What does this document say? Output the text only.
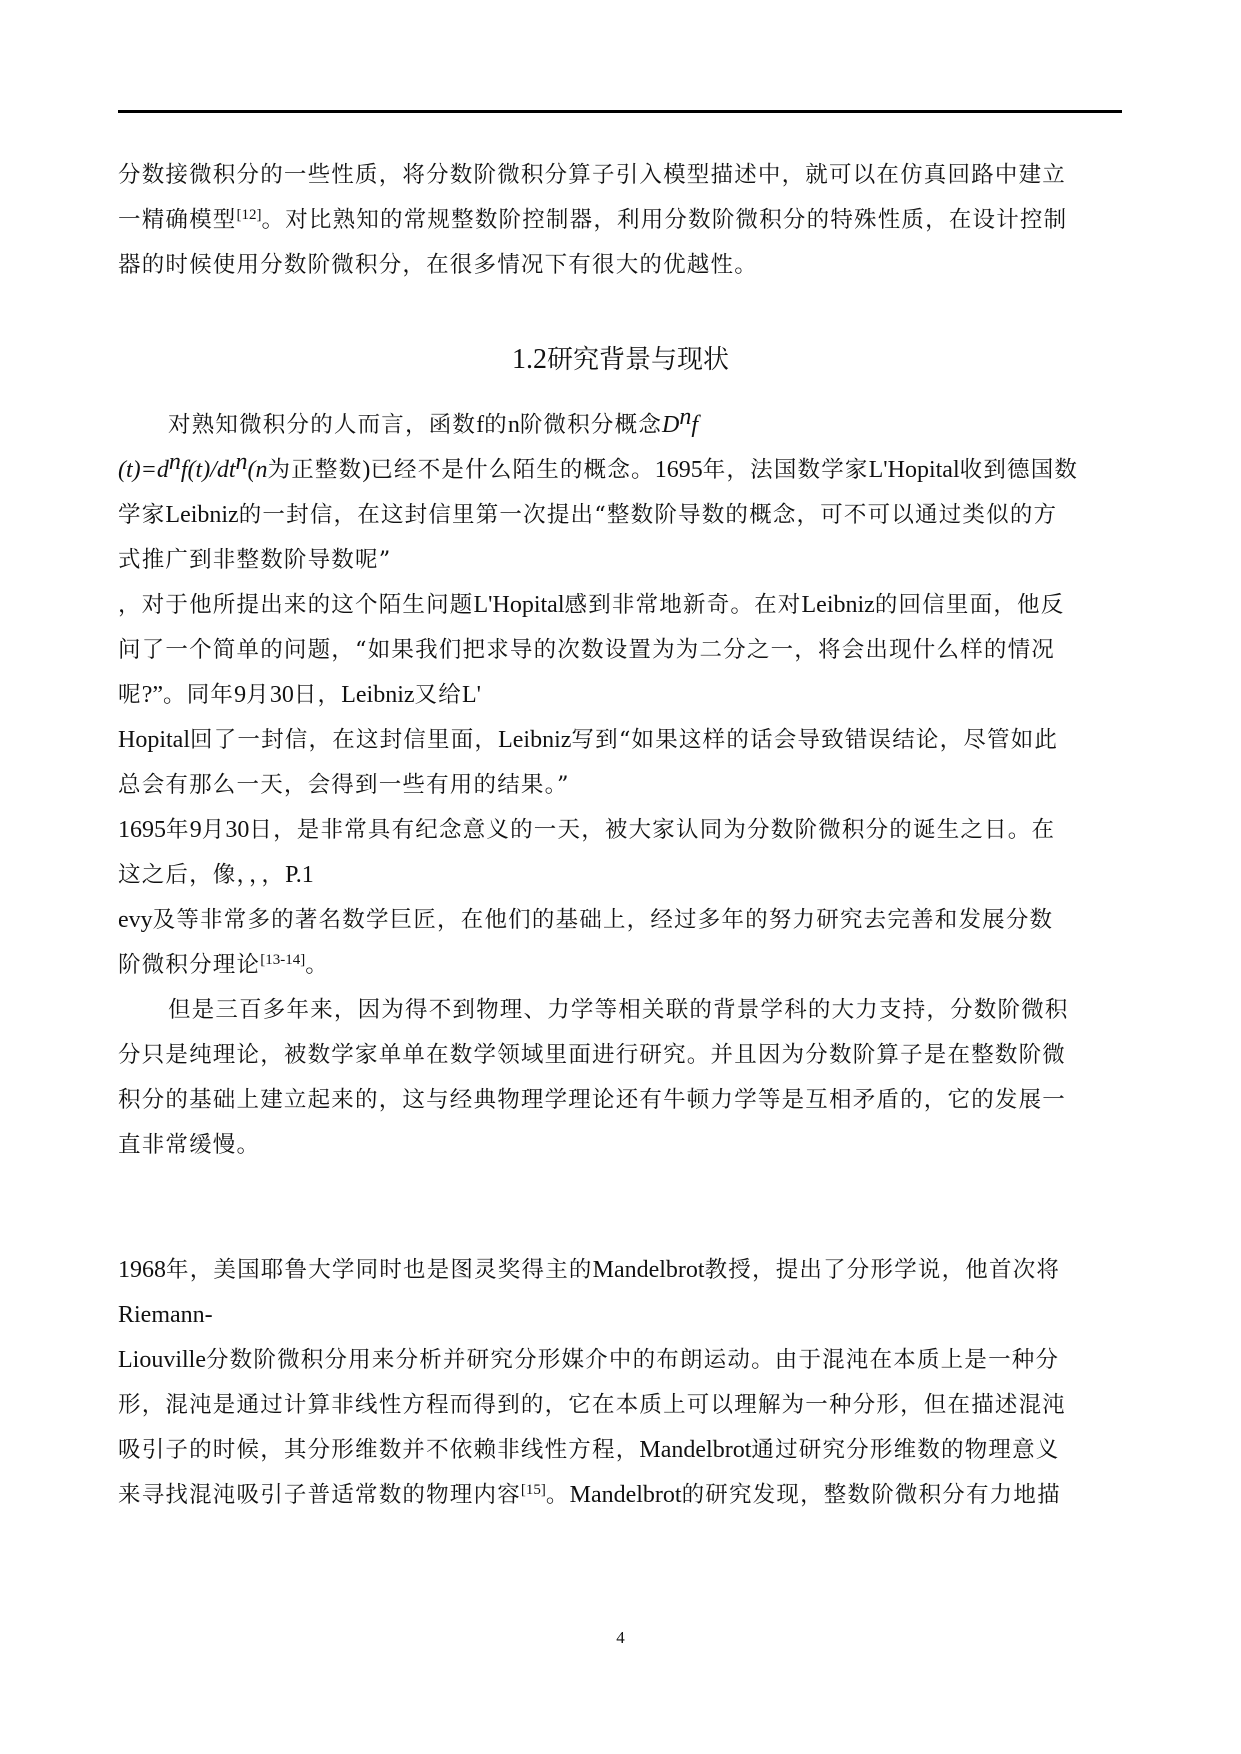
分数接微积分的一些性质，将分数阶微积分算子引入模型描述中，就可以在仿真回路中建立
一精确模型[12]。对比熟知的常规整数阶控制器，利用分数阶微积分的特殊性质，在设计控制
器的时候使用分数阶微积分，在很多情况下有很大的优越性。
1.2研究背景与现状
对熟知微积分的人而言，函数f的n阶微积分概念$D^nf$
$(t)=d^nf(t)/dt^n(n$为正整数)已经不是什么陌生的概念。1695年，法国数学家L'Hopital收到德国数
学家Leibniz的一封信，在这封信里第一次提出“整数阶导数的概念，可不可以通过类似的方
式推广到非整数阶导数呢”
，对于他所提出来的这个陌生问题L'Hopital感到非常地新奇。在对Leibniz的回信里面，他反
问了一个简单的问题，“如果我们把求导的次数设置为为二分之一，将会出现什么样的情况
呢?”。同年9月30日，Leibniz又给L'
Hopital回了一封信，在这封信里面，Leibniz写到“如果这样的话会导致错误结论，尽管如此
总会有那么一天，会得到一些有用的结果。”
1695年9月30日，是非常具有纪念意义的一天，被大家认同为分数阶微积分的诞生之日。在
这之后，像，，，P.1
evy及等非常多的著名数学巨匠，在他们的基础上，经过多年的努力研究去完善和发展分数
阶微积分理论[13-14]。
但是三百多年来，因为得不到物理、力学等相关联的背景学科的大力支持，分数阶微积
分只是纯理论，被数学家单单在数学领域里面进行研究。并且因为分数阶算子是在整数阶微
积分的基础上建立起来的，这与经典物理学理论还有牛顿力学等是互相矛盾的，它的发展一
直非常缓慢。
1968年，美国耶鲁大学同时也是图灵奖得主的Mandelbrot教授，提出了分形学说，他首次将
Riemann-
Liouville分数阶微积分用来分析并研究分形媒介中的布朗运动。由于混沌在本质上是一种分
形，混沌是通过计算非线性方程而得到的，它在本质上可以理解为一种分形，但在描述混沌
吸引子的时候，其分形维数并不依赖非线性方程，Mandelbrot通过研究分形维数的物理意义
来寻找混沌吸引子普适常数的物理内容[15]。Mandelbrot的研究发现，整数阶微积分有力地描
4
